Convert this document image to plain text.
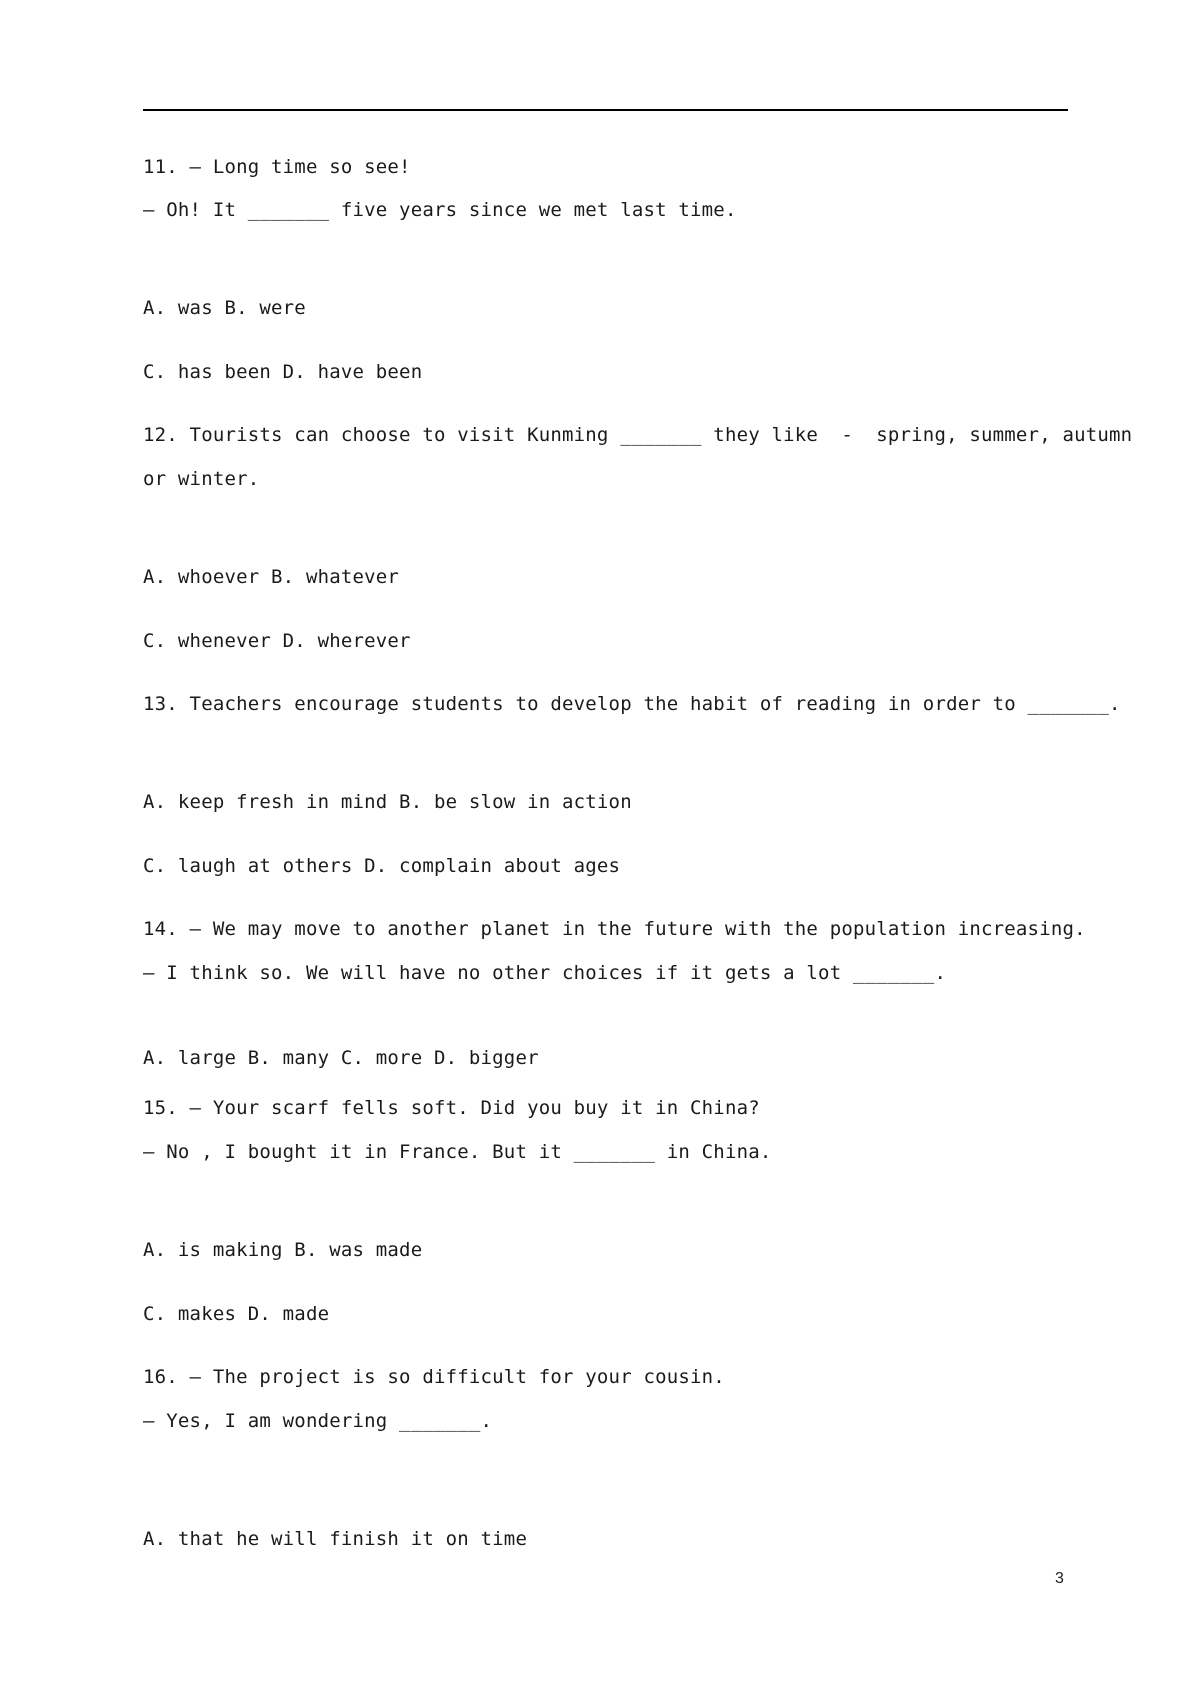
11. — Long time so see!
— Oh! It _______ five years since we met last time.
A. was B. were
C. has been D. have been
12. Tourists can choose to visit Kunming _______ they like  -  spring, summer, autumn
or winter.
A. whoever B. whatever
C. whenever D. wherever
13. Teachers encourage students to develop the habit of reading in order to _______.
A. keep fresh in mind B. be slow in action
C. laugh at others D. complain about ages
14. — We may move to another planet in the future with the population increasing.
— I think so. We will have no other choices if it gets a lot _______.
A. large B. many C. more D. bigger
15. — Your scarf fells soft. Did you buy it in China?
— No , I bought it in France. But it _______ in China.
A. is making B. was made
C. makes D. made
16. — The project is so difficult for your cousin.
— Yes, I am wondering _______.
A. that he will finish it on time
3
